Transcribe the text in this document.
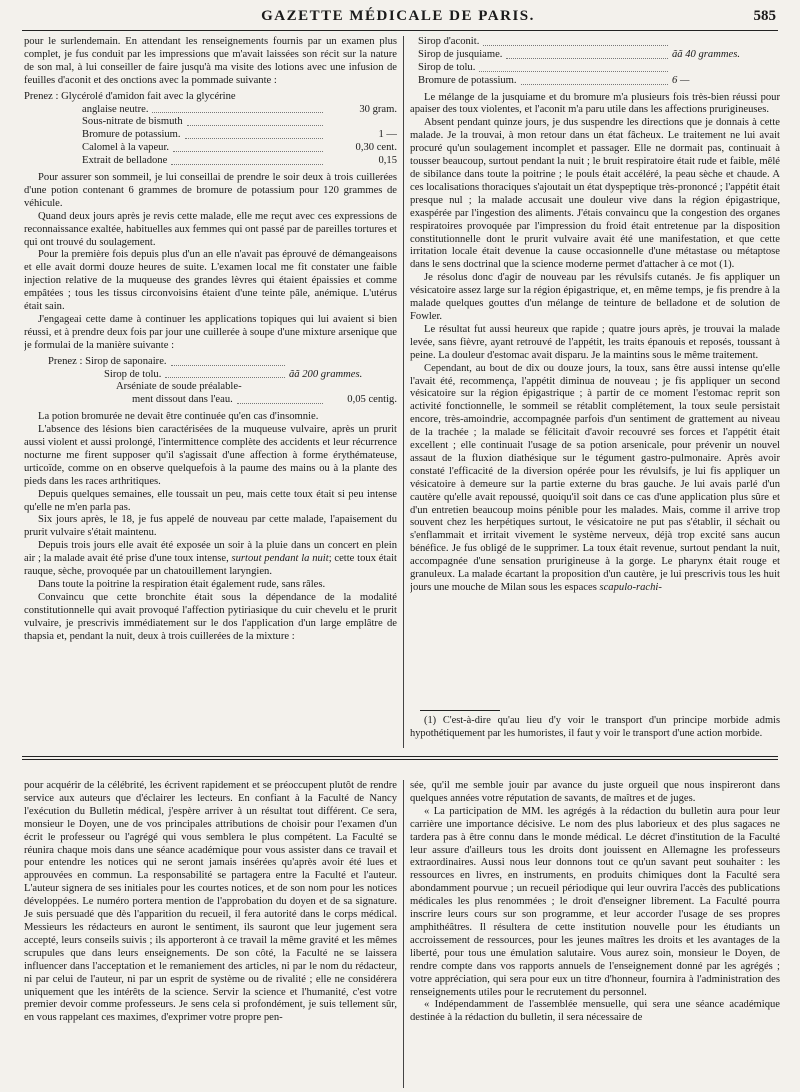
GAZETTE MÉDICALE DE PARIS.	585

pour le surlendemain. En attendant les renseignements fournis par un examen plus complet, je fus conduit par les impressions que m'avait laissées son récit sur la nature de son mal, à lui conseiller de faire jusqu'à ma visite des lotions avec une infusion de feuilles d'aconit et des onctions avec la pommade suivante :

Prenez : Glycérolé d'amidon fait avec la glycérine
anglaise neutre.	30 gram.
Sous-nitrate de bismuth
Bromure de potassium.	1 —
Calomel à la vapeur.	0,30 cent.
Extrait de belladone	0,15

Pour assurer son sommeil, je lui conseillai de prendre le soir deux à trois cuillerées d'une potion contenant 6 grammes de bromure de potassium pour 120 grammes de véhicule.

Quand deux jours après je revis cette malade, elle me reçut avec ces expressions de reconnaissance exaltée, habituelles aux femmes qui ont passé par de pareilles tortures et qui ont trouvé du soulagement.

Pour la première fois depuis plus d'un an elle n'avait pas éprouvé de démangeaisons et elle avait dormi douze heures de suite. L'examen local me fit constater une faible injection relative de la muqueuse des grandes lèvres qui étaient épaissies et comme empâtées ; tous les tissus circonvoisins étaient d'une teinte pâle, anémique. L'utérus était sain.

J'engageai cette dame à continuer les applications topiques qui lui avaient si bien réussi, et à prendre deux fois par jour une cuillerée à soupe d'une mixture arsenique que je formulai de la manière suivante :

Prenez : Sirop de saponaire.
Sirop de tolu.	ãã 200 grammes.
Arséniate de soude préalable-
ment dissout dans l'eau.	0,05 centig.

La potion bromurée ne devait être continuée qu'en cas d'insomnie.

L'absence des lésions bien caractérisées de la muqueuse vulvaire, après un prurit aussi violent et aussi prolongé, l'intermittence complète des accidents et leur récurrence nocturne me firent supposer qu'il s'agissait d'une affection à forme érythémateuse, urticoïde, comme on en observe quelquefois à la paume des mains ou à la plante des pieds dans les races arthritiques.

Depuis quelques semaines, elle toussait un peu, mais cette toux était si peu intense qu'elle ne m'en parla pas.

Six jours après, le 18, je fus appelé de nouveau par cette malade, l'apaisement du prurit vulvaire s'était maintenu.

Depuis trois jours elle avait été exposée un soir à la pluie dans un concert en plein air ; la malade avait été prise d'une toux intense, surtout pendant la nuit; cette toux était rauque, sèche, provoquée par un chatouillement laryngien.

Dans toute la poitrine la respiration était également rude, sans râles.

Convaincu que cette bronchite était sous la dépendance de la modalité constitutionnelle qui avait provoqué l'affection pytiriasique du cuir chevelu et le prurit vulvaire, je prescrivis immédiatement sur le dos l'application d'un large emplâtre de thapsia et, pendant la nuit, deux à trois cuillerées de la mixture :

Sirop d'aconit.
Sirop de jusquiame.	ãã 40 grammes.
Sirop de tolu.
Bromure de potassium.	6 —

Le mélange de la jusquiame et du bromure m'a plusieurs fois très-bien réussi pour apaiser des toux violentes, et l'aconit m'a paru utile dans les affections prurigineuses.

Absent pendant quinze jours, je dus suspendre les directions que je donnais à cette malade. Je la trouvai, à mon retour dans un état fâcheux. Le traitement ne lui avait procuré qu'un soulagement incomplet et passager. Elle ne dormait pas, continuait à tousser beaucoup, surtout pendant la nuit ; le bruit respiratoire était rude et faible, mêlé de sibilance dans toute la poitrine ; le pouls était accéléré, la peau sèche et chaude. A ces localisations thoraciques s'ajoutait un état dyspeptique très-prononcé ; l'appétit était presque nul ; la malade accusait une douleur vive dans la région épigastrique, exaspérée par l'ingestion des aliments. J'étais convaincu que la congestion des organes respiratoires provoquée par l'impression du froid était entretenue par la disposition constitutionnelle dont le prurit vulvaire avait été une manifestation, et que cette irritation locale était devenue la cause occasionnelle d'une métastase ou métaptose dans le sens doctrinal que la science moderne permet d'attacher à ce mot (1).

Je résolus donc d'agir de nouveau par les révulsifs cutanés. Je fis appliquer un vésicatoire assez large sur la région épigastrique, et, en même temps, je fis prendre à la malade quelques gouttes d'un mélange de teinture de belladone et de solution de Fowler.

Le résultat fut aussi heureux que rapide ; quatre jours après, je trouvai la malade levée, sans fièvre, ayant retrouvé de l'appétit, les traits épanouis et reposés, toussant à peine. La douleur d'estomac avait disparu. Je la maintins sous le même traitement.

Cependant, au bout de dix ou douze jours, la toux, sans être aussi intense qu'elle l'avait été, recommença, l'appétit diminua de nouveau ; je fis appliquer un second vésicatoire sur la région épigastrique ; à partir de ce moment l'estomac reprit son activité fonctionnelle, le sommeil se rétablit complétement, la toux seule persistait encore, très-amoindrie, accompagnée parfois d'un sentiment de grattement au niveau de la trachée ; la malade se félicitait d'avoir recouvré ses forces et l'appétit était excellent ; elle continuait l'usage de sa potion arsenicale, pour prévenir un nouvel assaut de la fluxion diathésique sur le tégument gastro-pulmonaire. Après avoir constaté l'efficacité de la diversion opérée pour les révulsifs, je lui fis appliquer un vésicatoire à demeure sur la partie externe du bras gauche. Je lui avais parlé d'un cautère qu'elle avait repoussé, quoiqu'il soit dans ce cas d'une application plus sûre et d'un entretien beaucoup moins pénible pour les malades. Mais, comme il arrive trop souvent chez les herpétiques surtout, le vésicatoire ne put pas s'établir, il séchait ou s'enflammait et irritait vivement le système nerveux, déjà trop excité sans aucun bénéfice. Je fus obligé de le supprimer. La toux était revenue, surtout pendant la nuit, accompagnée d'une sensation prurigineuse à la gorge. Le pharynx était rouge et granuleux. La malade écartant la proposition d'un cautère, je lui prescrivis tous les huit jours une mouche de Milan sous les espaces scapulo-rachi-

(1) C'est-à-dire qu'au lieu d'y voir le transport d'un principe morbide admis hypothétiquement par les humoristes, il faut y voir le transport d'une action morbide.

pour acquérir de la célébrité, les écrivent rapidement et se préoccupent plutôt de rendre service aux auteurs que d'éclairer les lecteurs. En confiant à la Faculté de Nancy l'exécution du Bulletin médical, j'espère arriver à un résultat tout différent. Ce sera, monsieur le Doyen, une de vos principales attributions de choisir pour l'examen d'un écrit le professeur ou l'agrégé qui vous semblera le plus compétent. La Faculté se réunira chaque mois dans une séance académique pour vous assister dans ce travail et pour entendre les notices qui ne seront jamais insérées qu'après avoir été lues et approuvées en commun. La responsabilité se partagera entre la Faculté et l'auteur. L'auteur signera de ses initiales pour les courtes notices, et de son nom pour les notices développées. Le numéro portera mention de l'approbation du doyen et de sa signature. Je suis persuadé que dès l'apparition du recueil, il fera autorité dans le corps médical. Messieurs les rédacteurs en auront le sentiment, ils sauront que leur jugement sera accepté, leurs conseils suivis ; ils apporteront à ce travail la même gravité et les mêmes scrupules que dans leurs enseignements. De son côté, la Faculté ne se laissera influencer dans l'acceptation et le remaniement des articles, ni par le nom du rédacteur, ni par celui de l'auteur, ni par un esprit de système ou de rivalité ; elle ne considérera uniquement que les intérêts de la science. Servir la science et l'humanité, c'est votre premier devoir comme professeurs. Je sens cela si profondément, je suis tellement sûr, en vous rappelant ces maximes, d'exprimer votre propre pen-

sée, qu'il me semble jouir par avance du juste orgueil que nous inspireront dans quelques années votre réputation de savants, de maîtres et de juges.

« La participation de MM. les agrégés à la rédaction du bulletin aura pour leur carrière une importance décisive. Le nom des plus laborieux et des plus sagaces ne tardera pas à être connu dans le monde médical. Le décret d'institution de la Faculté leur assure d'ailleurs tous les droits dont jouissent en Allemagne les professeurs extraordinaires. Aussi nous leur donnons tout ce qu'un savant peut souhaiter : les ressources en livres, en instruments, en produits chimiques dont la Faculté sera abondamment pourvue ; un recueil périodique qui leur ouvrira l'accès des publications médicales les plus renommées ; le droit d'enseigner librement. La Faculté pourra inscrire leurs cours sur son programme, et leur accorder l'usage de ses propres amphithéâtres. Il résultera de cette institution nouvelle pour les étudiants un accroissement de ressources, pour les jeunes maîtres les droits et les avantages de la liberté, pour tous une émulation salutaire. Vous aurez soin, monsieur le Doyen, de rendre compte dans vos rapports annuels de l'enseignement donné par les agrégés ; votre appréciation, qui sera pour eux un titre d'honneur, fournira à l'administration des renseignements utiles pour le recrutement du personnel.

« Indépendamment de l'assemblée mensuelle, qui sera une séance académique destinée à la rédaction du bulletin, il sera nécessaire de
